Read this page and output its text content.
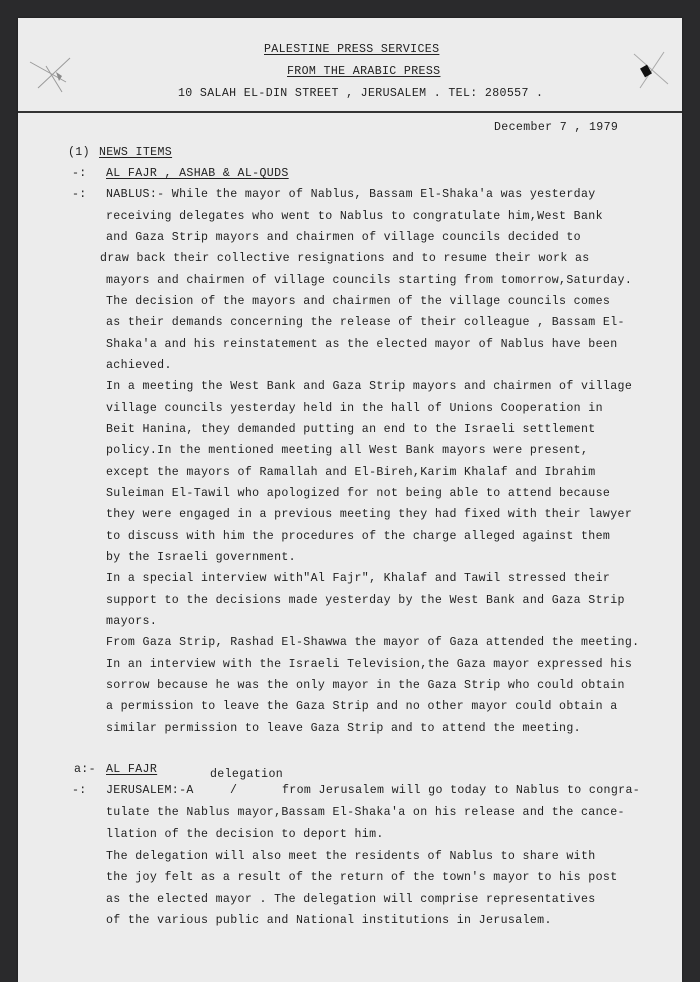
PALESTINE PRESS SERVICES
FROM THE ARABIC PRESS
10 SALAH EL-DIN STREET , JERUSALEM . TEL: 280557 .
December 7 , 1979
(1) NEWS ITEMS
-: AL FAJR , ASHAB & AL-QUDS
-: NABLUS:- While the mayor of Nablus, Bassam El-Shaka'a was yesterday
receiving delegates who went to Nablus to congratulate him,West Bank
and Gaza Strip mayors and chairmen of village councils decided to
draw back their collective resignations and to resume their work as
mayors and chairmen of village councils starting from tomorrow,Saturday.
The decision of the mayors and chairmen of the village councils comes
as their demands concerning the release of their colleague , Bassam El-
Shaka'a and his reinstatement as the elected mayor of Nablus have been
achieved.
In a meeting the West Bank and Gaza Strip mayors and chairmen of village
village councils yesterday held in the hall of Unions Cooperation in
Beit Hanina, they demanded putting an end to the Israeli settlement
policy.In the mentioned meeting all West Bank mayors were present,
except the mayors of Ramallah and El-Bireh,Karim Khalaf and Ibrahim
Suleiman El-Tawil who apologized for not being able to attend because
they were engaged in a previous meeting they had fixed with their lawyer
to discuss with him the procedures of the charge alleged against them
by the Israeli government.
In a special interview with"Al Fajr", Khalaf and Tawil stressed their
support to the decisions made yesterday by the West Bank and Gaza Strip
mayors.
From Gaza Strip, Rashad El-Shawwa the mayor of Gaza attended the meeting.
In an interview with the Israeli Television,the Gaza mayor expressed his
sorrow because he was the only mayor in the Gaza Strip who could obtain
a permission to leave the Gaza Strip and no other mayor could obtain a
similar permission to leave Gaza Strip and to attend the meeting.
a:- AL FAJR	delegation
-: JERUSALEM:-A	/	from Jerusalem will go today to Nablus to congra-
tulate the Nablus mayor,Bassam El-Shaka'a on his release and the cance-
llation of the decision to deport him.
The delegation will also meet the residents of Nablus to share with
the joy felt as a result of the return of the town's mayor to his post
as the elected mayor . The delegation will comprise representatives
of the various public and National institutions in Jerusalem.
